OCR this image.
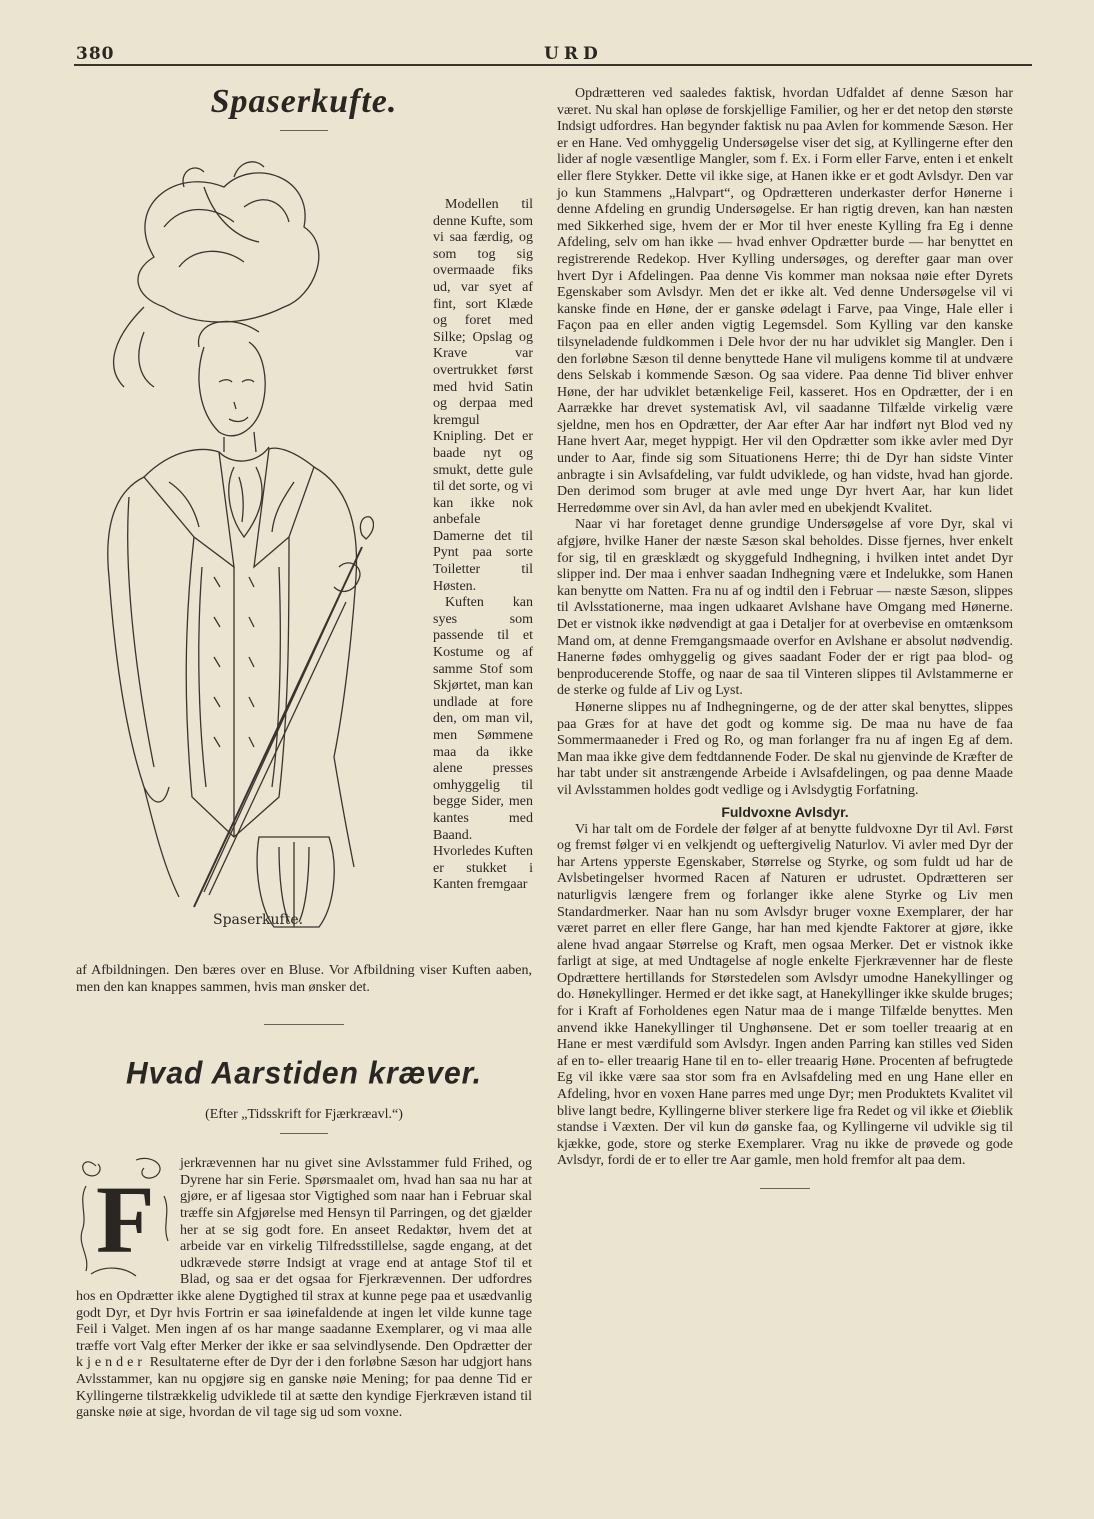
380	URD
Spaserkufte.
Spaserkufte.

Modellen til denne Kufte, som vi saa færdig, og som tog sig overmaade fiks ud, var syet af fint, sort Klæde og foret med Silke; Opslag og Krave var overtrukket først med hvid Satin og derpaa med kremgul Knipling. Det er baade nyt og smukt, dette gule til det sorte, og vi kan ikke nok anbefale Damerne det til Pynt paa sorte Toiletter til Høsten.

Kuften kan syes som passende til et Kostume og af samme Stof som Skjørtet, man kan undlade at fore den, om man vil, men Sømmene maa da ikke alene presses omhyggelig til begge Sider, men kantes med Baand. Hvorledes Kuften er stukket i Kanten fremgaar

af Afbildningen. Den bæres over en Bluse. Vor Afbildning viser Kuften aaben, men den kan knappes sammen, hvis man ønsker det.

Hvad Aarstiden kræver.

(Efter „Tidsskrift for Fjærkræavl.“)

F

jerkrævennen har nu givet sine Avlsstammer fuld Frihed, og Dyrene har sin Ferie. Spørsmaalet om, hvad han saa nu har at gjøre, er af ligesaa stor Vigtighed som naar han i Februar skal træffe sin Afgjørelse med Hensyn til Parringen, og det gjælder her at se sig godt fore. En anseet Redaktør, hvem det at arbeide var en virkelig Tilfredsstillelse, sagde engang, at det udkrævede større Indsigt at vrage end at antage Stof til et Blad, og saa er det ogsaa for Fjerkrævennen. Der udfordres hos en Opdrætter ikke alene Dygtighed til strax at kunne pege paa et usædvanlig godt Dyr, et Dyr hvis Fortrin er saa iøinefaldende at ingen let vilde kunne tage Feil i Valget. Men ingen af os har mange saadanne Exemplarer, og vi maa alle træffe vort Valg efter Merker der ikke er saa selvindlysende. Den Opdrætter der kjender Resultaterne efter de Dyr der i den forløbne Sæson har udgjort hans Avlsstammer, kan nu opgjøre sig en ganske nøie Mening; for paa denne Tid er Kyllingerne tilstrækkelig udviklede til at sætte den kyndige Fjerkræven istand til ganske nøie at sige, hvordan de vil tage sig ud som voxne.

Opdrætteren ved saaledes faktisk, hvordan Udfaldet af denne Sæson har været. Nu skal han opløse de forskjellige Familier, og her er det netop den største Indsigt udfordres. Han begynder faktisk nu paa Avlen for kommende Sæson. Her er en Hane. Ved omhyggelig Undersøgelse viser det sig, at Kyllingerne efter den lider af nogle væsentlige Mangler, som f. Ex. i Form eller Farve, enten i et enkelt eller flere Stykker. Dette vil ikke sige, at Hanen ikke er et godt Avlsdyr. Den var jo kun Stammens „Halvpart“, og Opdrætteren underkaster derfor Hønerne i denne Afdeling en grundig Undersøgelse. Er han rigtig dreven, kan han næsten med Sikkerhed sige, hvem der er Mor til hver eneste Kylling fra Eg i denne Afdeling, selv om han ikke — hvad enhver Opdrætter burde — har benyttet en registrerende Redekop. Hver Kylling undersøges, og derefter gaar man over hvert Dyr i Afdelingen. Paa denne Vis kommer man noksaa nøie efter Dyrets Egenskaber som Avlsdyr. Men det er ikke alt. Ved denne Undersøgelse vil vi kanske finde en Høne, der er ganske ødelagt i Farve, paa Vinge, Hale eller i Façon paa en eller anden vigtig Legemsdel. Som Kylling var den kanske tilsyneladende fuldkommen i Dele hvor der nu har udviklet sig Mangler. Den i den forløbne Sæson til denne benyttede Hane vil muligens komme til at undvære dens Selskab i kommende Sæson. Og saa videre. Paa denne Tid bliver enhver Høne, der har udviklet betænkelige Feil, kasseret. Hos en Opdrætter, der i en Aarrække har drevet systematisk Avl, vil saadanne Tilfælde virkelig være sjeldne, men hos en Opdrætter, der Aar efter Aar har indført nyt Blod ved ny Hane hvert Aar, meget hyppigt. Her vil den Opdrætter som ikke avler med Dyr under to Aar, finde sig som Situationens Herre; thi de Dyr han sidste Vinter anbragte i sin Avlsafdeling, var fuldt udviklede, og han vidste, hvad han gjorde. Den derimod som bruger at avle med unge Dyr hvert Aar, har kun lidet Herredømme over sin Avl, da han avler med en ubekjendt Kvalitet.

Naar vi har foretaget denne grundige Undersøgelse af vore Dyr, skal vi afgjøre, hvilke Haner der næste Sæson skal beholdes. Disse fjernes, hver enkelt for sig, til en græsklædt og skyggefuld Indhegning, i hvilken intet andet Dyr slipper ind. Der maa i enhver saadan Indhegning være et Indelukke, som Hanen kan benytte om Natten. Fra nu af og indtil den i Februar — næste Sæson, slippes til Avlsstationerne, maa ingen udkaaret Avlshane have Omgang med Hønerne. Det er vistnok ikke nødvendigt at gaa i Detaljer for at overbevise en omtænksom Mand om, at denne Fremgangsmaade overfor en Avlshane er absolut nødvendig. Hanerne fødes omhyggelig og gives saadant Foder der er rigt paa blod- og benproducerende Stoffe, og naar de saa til Vinteren slippes til Avlstammerne er de sterke og fulde af Liv og Lyst.

Hønerne slippes nu af Indhegningerne, og de der atter skal benyttes, slippes paa Græs for at have det godt og komme sig. De maa nu have de faa Sommermaaneder i Fred og Ro, og man forlanger fra nu af ingen Eg af dem. Man maa ikke give dem fedtdannende Foder. De skal nu gjenvinde de Kræfter de har tabt under sit anstrængende Arbeide i Avlsafdelingen, og paa denne Maade vil Avlsstammen holdes godt vedlige og i Avlsdygtig Forfatning.

Fuldvoxne Avlsdyr.

Vi har talt om de Fordele der følger af at benytte fuldvoxne Dyr til Avl. Først og fremst følger vi en velkjendt og ueftergivelig Naturlov. Vi avler med Dyr der har Artens ypperste Egenskaber, Størrelse og Styrke, og som fuldt ud har de Avlsbetingelser hvormed Racen af Naturen er udrustet. Opdrætteren ser naturligvis længere frem og forlanger ikke alene Styrke og Liv men Standardmerker. Naar han nu som Avlsdyr bruger voxne Exemplarer, der har været parret en eller flere Gange, har han med kjendte Faktorer at gjøre, ikke alene hvad angaar Størrelse og Kraft, men ogsaa Merker. Det er vistnok ikke farligt at sige, at med Undtagelse af nogle enkelte Fjerkrævenner har de fleste Opdrættere hertillands for Størstedelen som Avlsdyr umodne Hanekyllinger og do. Hønekyllinger. Hermed er det ikke sagt, at Hanekyllinger ikke skulde bruges; for i Kraft af Forholdenes egen Natur maa de i mange Tilfælde benyttes. Men anvend ikke Hanekyllinger til Unghønsene. Det er som toeller treaarig at en Hane er mest værdifuld som Avlsdyr. Ingen anden Parring kan stilles ved Siden af en to- eller treaarig Hane til en to- eller treaarig Høne. Procenten af befrugtede Eg vil ikke være saa stor som fra en Avlsafdeling med en ung Hane eller en Afdeling, hvor en voxen Hane parres med unge Dyr; men Produktets Kvalitet vil blive langt bedre, Kyllingerne bliver sterkere lige fra Redet og vil ikke et Øieblik standse i Væxten. Der vil kun dø ganske faa, og Kyllingerne vil udvikle sig til kjække, gode, store og sterke Exemplarer. Vrag nu ikke de prøvede og gode Avlsdyr, fordi de er to eller tre Aar gamle, men hold fremfor alt paa dem.
